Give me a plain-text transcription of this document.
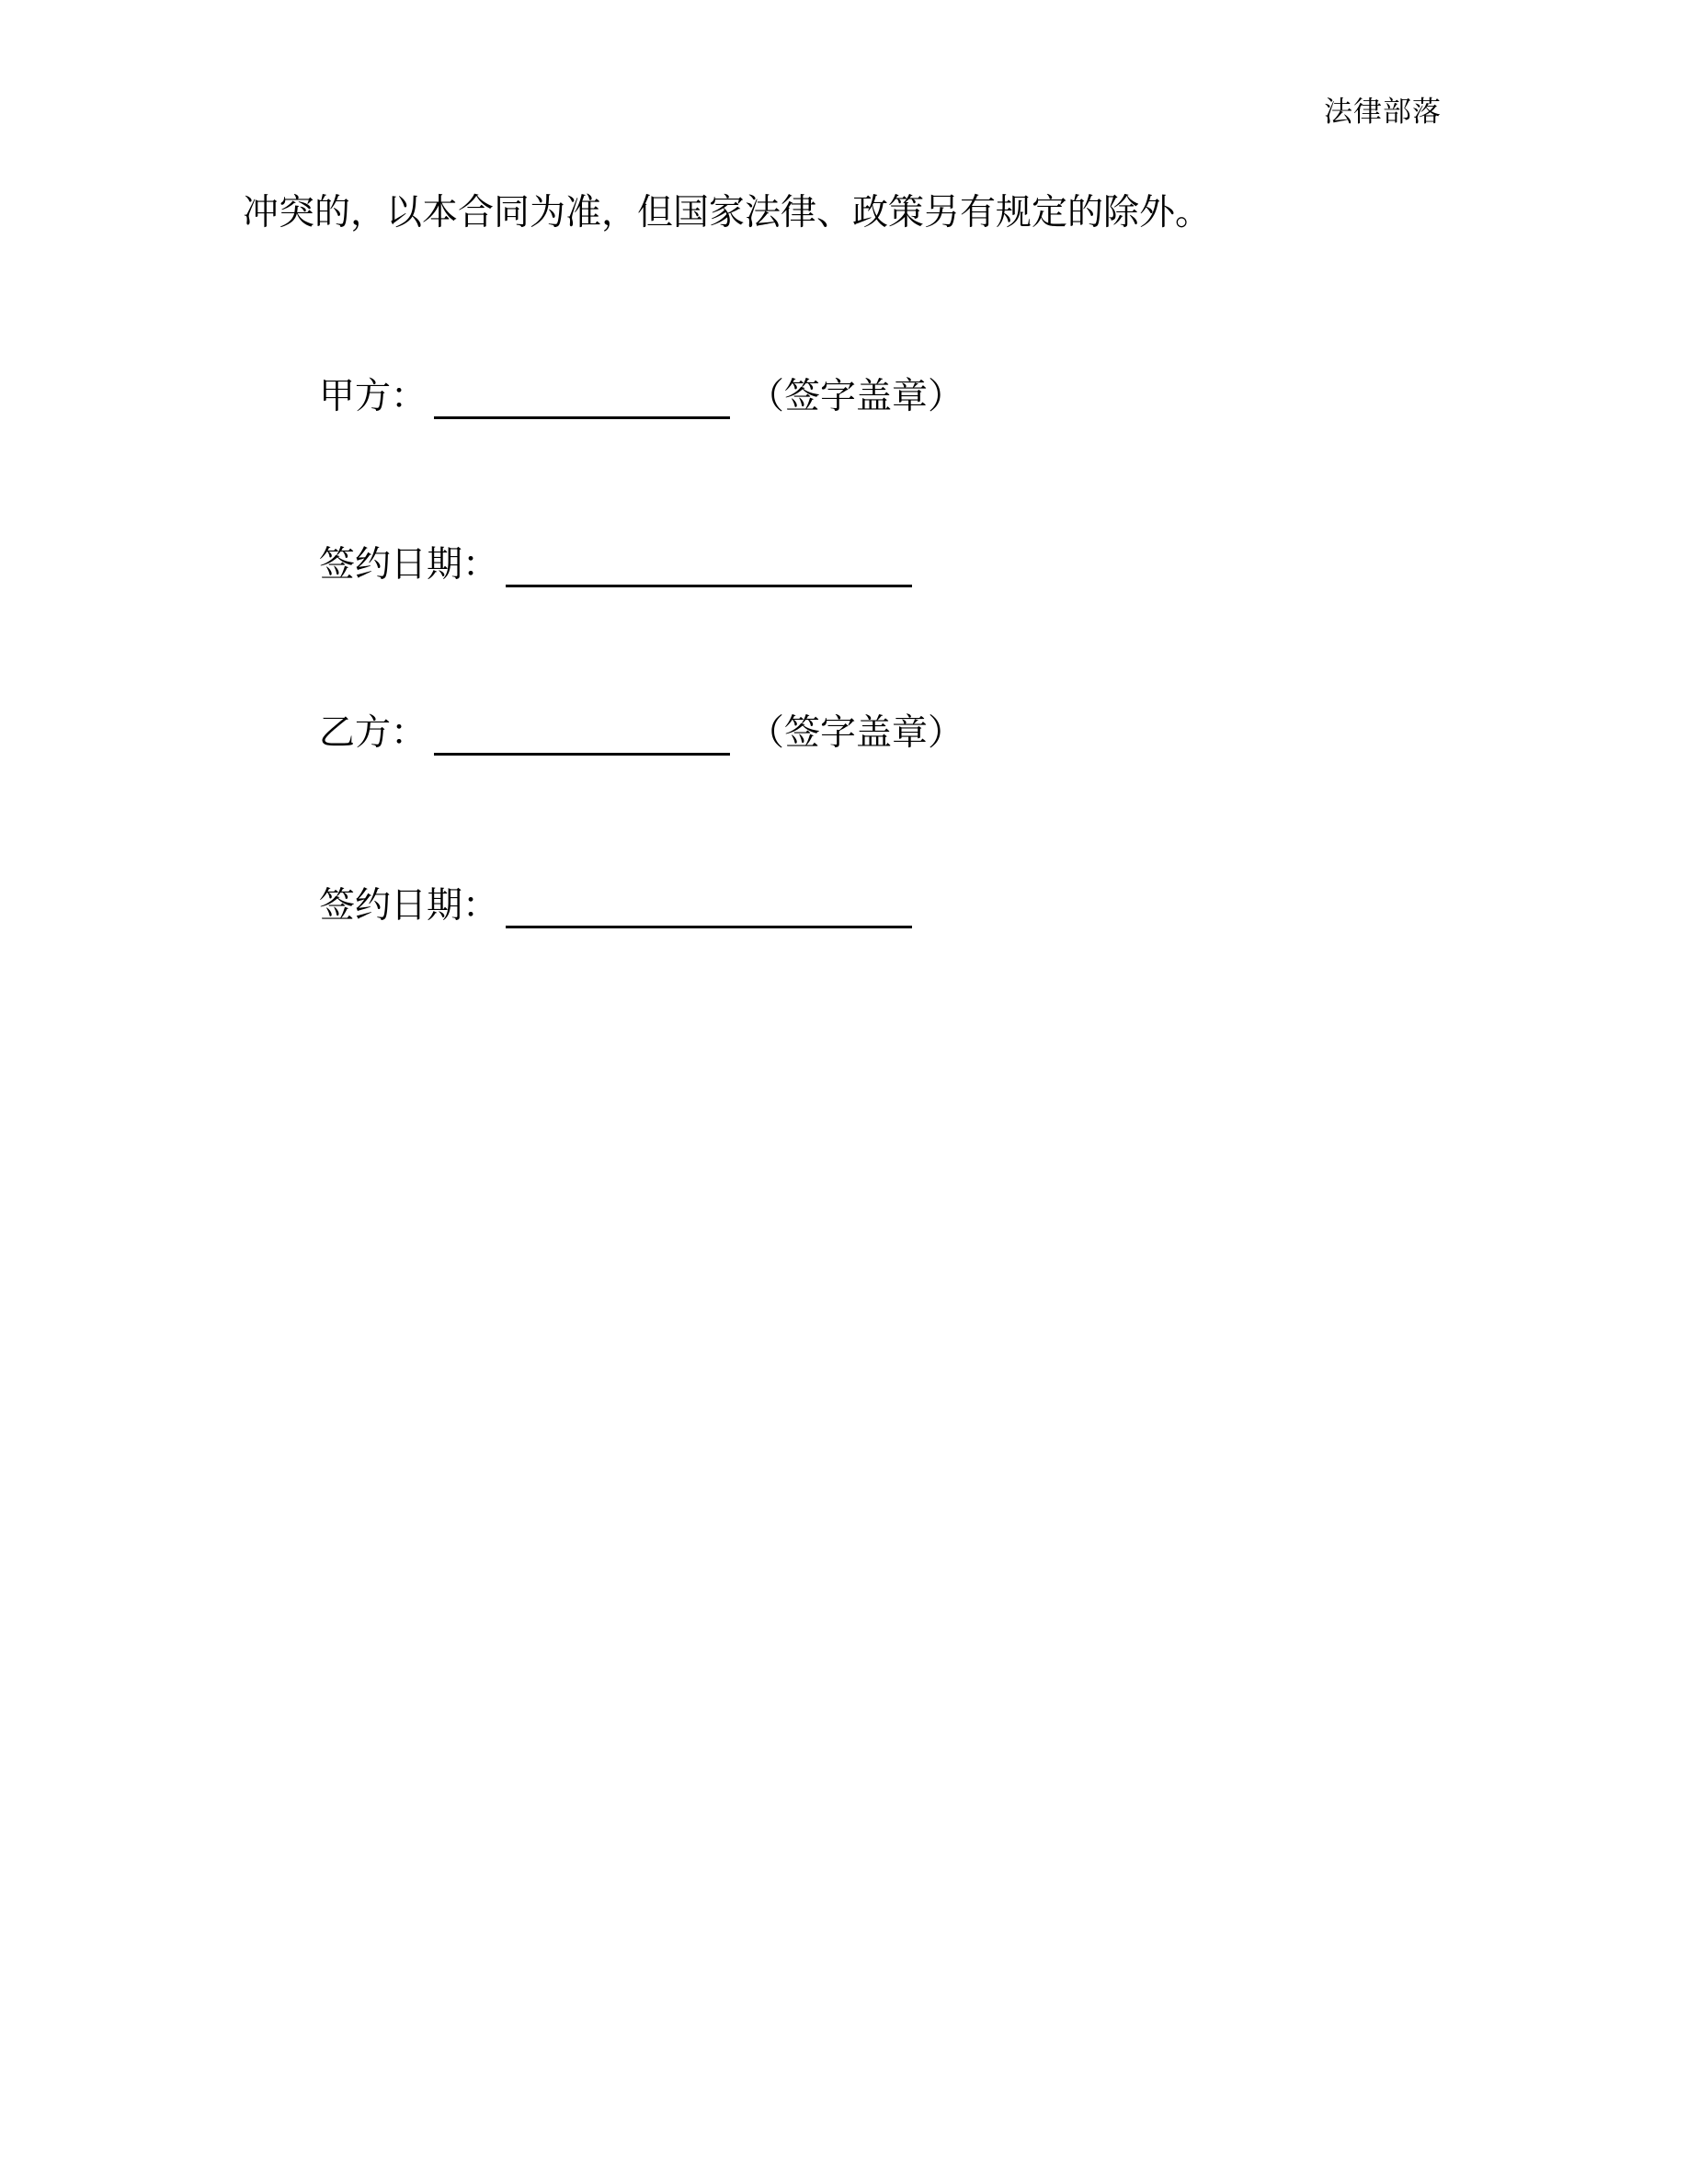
法律部落
冲突的，以本合同为准，但国家法律、政策另有规定的除外。
甲方：	（签字盖章）
签约日期：
乙方：	（签字盖章）
签约日期：
